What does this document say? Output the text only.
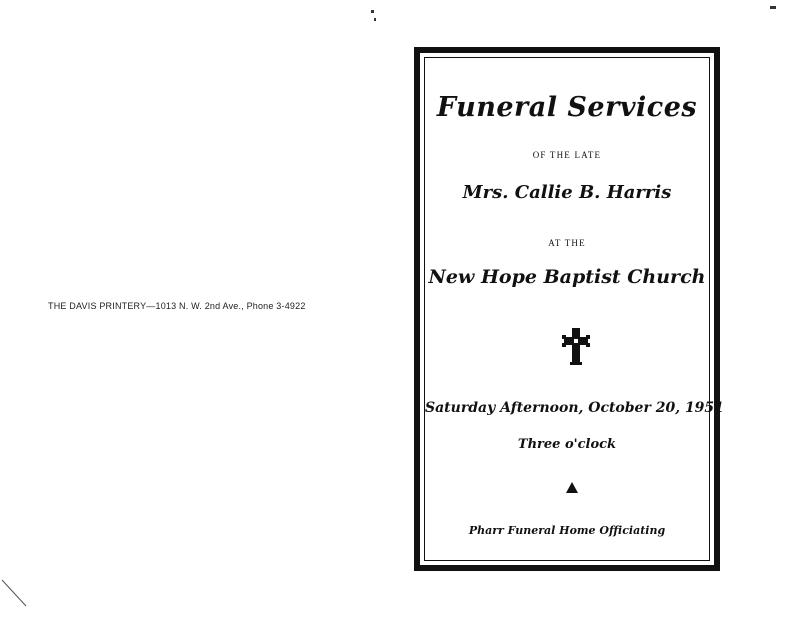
THE DAVIS PRINTERY—1013 N. W. 2nd Ave., Phone 3-4922
Funeral Services
OF THE LATE
Mrs. Callie B. Harris
AT THE
New Hope Baptist Church
Saturday Afternoon, October 20, 1951
Three o'clock
Pharr Funeral Home Officiating
